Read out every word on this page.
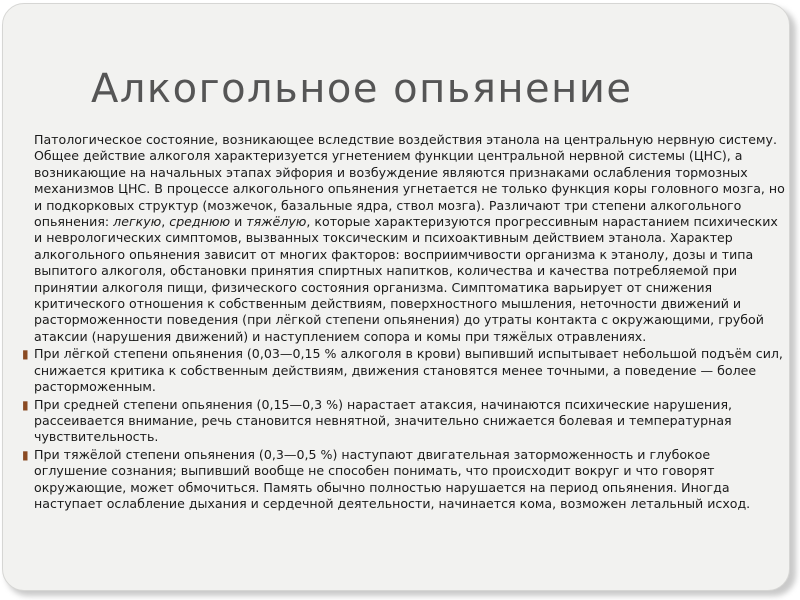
Алкогольное опьянение

Патологическое состояние, возникающее вследствие воздействия этанола на центральную нервную систему. Общее действие алкоголя характеризуется угнетением функции центральной нервной системы (ЦНС), а возникающие на начальных этапах эйфория и возбуждение являются признаками ослабления тормозных механизмов ЦНС. В процессе алкогольного опьянения угнетается не только функция коры головного мозга, но и подкорковых структур (мозжечок, базальные ядра, ствол мозга). Различают три степени алкогольного опьянения: легкую, среднюю и тяжёлую, которые характеризуются прогрессивным нарастанием психических и неврологических симптомов, вызванных токсическим и психоактивным действием этанола. Характер алкогольного опьянения зависит от многих факторов: восприимчивости организма к этанолу, дозы и типа выпитого алкоголя, обстановки принятия спиртных напитков, количества и качества потребляемой при принятии алкоголя пищи, физического состояния организма. Симптоматика варьирует от снижения критического отношения к собственным действиям, поверхностного мышления, неточности движений и расторможенности поведения (при лёгкой степени опьянения) до утраты контакта с окружающими, грубой атаксии (нарушения движений) и наступлением сопора и комы при тяжёлых отравлениях.

▮ При лёгкой степени опьянения (0,03—0,15 % алкоголя в крови) выпивший испытывает небольшой подъём сил, снижается критика к собственным действиям, движения становятся менее точными, а поведение — более расторможенным.
▮ При средней степени опьянения (0,15—0,3 %) нарастает атаксия, начинаются психические нарушения, рассеивается внимание, речь становится невнятной, значительно снижается болевая и температурная чувствительность.
▮ При тяжёлой степени опьянения (0,3—0,5 %) наступают двигательная заторможенность и глубокое оглушение сознания; выпивший вообще не способен понимать, что происходит вокруг и что говорят окружающие, может обмочиться. Память обычно полностью нарушается на период опьянения. Иногда наступает ослабление дыхания и сердечной деятельности, начинается кома, возможен летальный исход.
